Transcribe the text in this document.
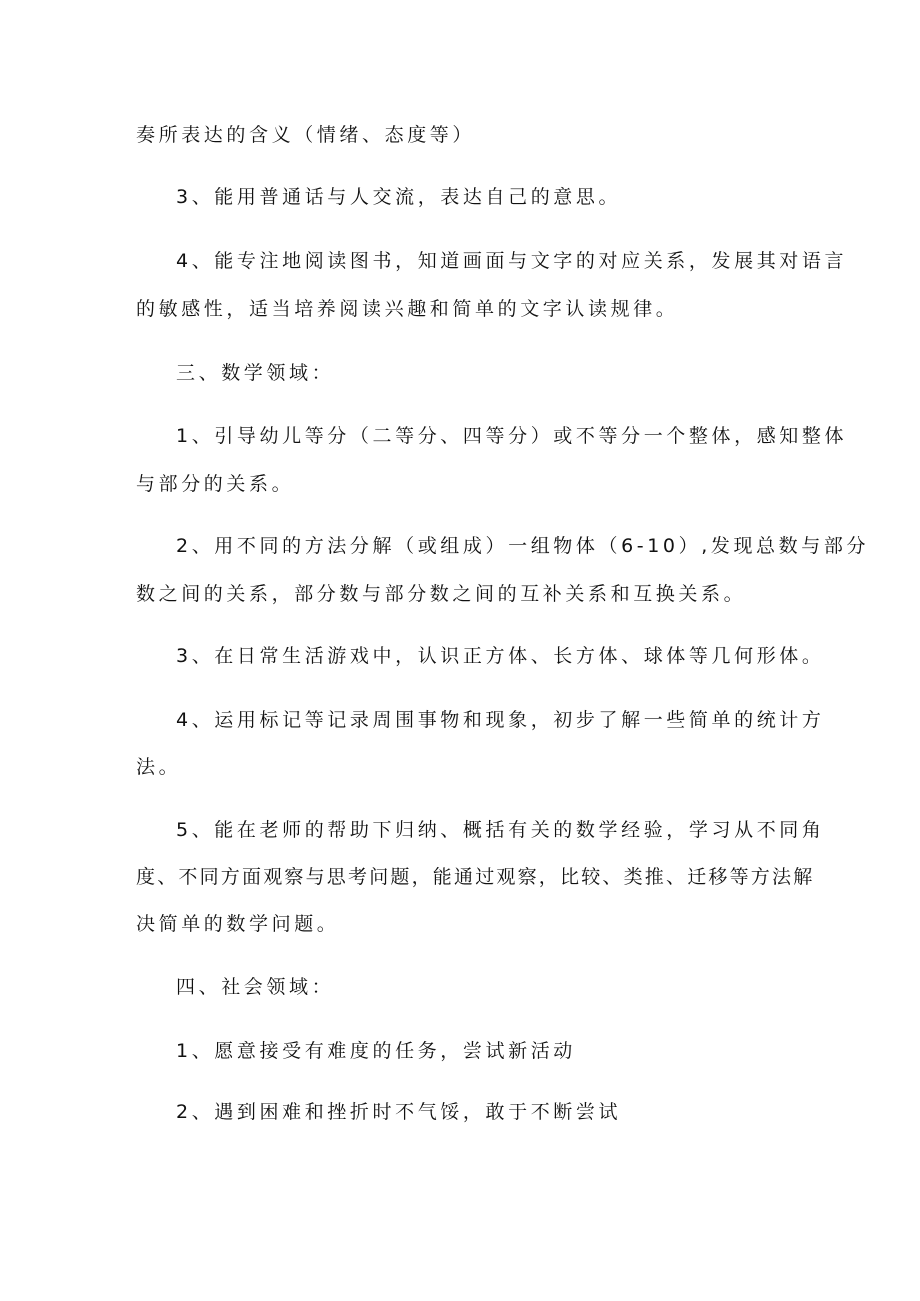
奏所表达的含义（情绪、态度等）
3、能用普通话与人交流，表达自己的意思。
4、能专注地阅读图书，知道画面与文字的对应关系，发展其对语言
的敏感性，适当培养阅读兴趣和简单的文字认读规律。
三、数学领域：
1、引导幼儿等分（二等分、四等分）或不等分一个整体，感知整体
与部分的关系。
2、用不同的方法分解（或组成）一组物体（6-10）,发现总数与部分
数之间的关系，部分数与部分数之间的互补关系和互换关系。
3、在日常生活游戏中，认识正方体、长方体、球体等几何形体。
4、运用标记等记录周围事物和现象，初步了解一些简单的统计方
法。
5、能在老师的帮助下归纳、概括有关的数学经验，学习从不同角
度、不同方面观察与思考问题，能通过观察，比较、类推、迁移等方法解
决简单的数学问题。
四、社会领域：
1、愿意接受有难度的任务，尝试新活动
2、遇到困难和挫折时不气馁，敢于不断尝试
